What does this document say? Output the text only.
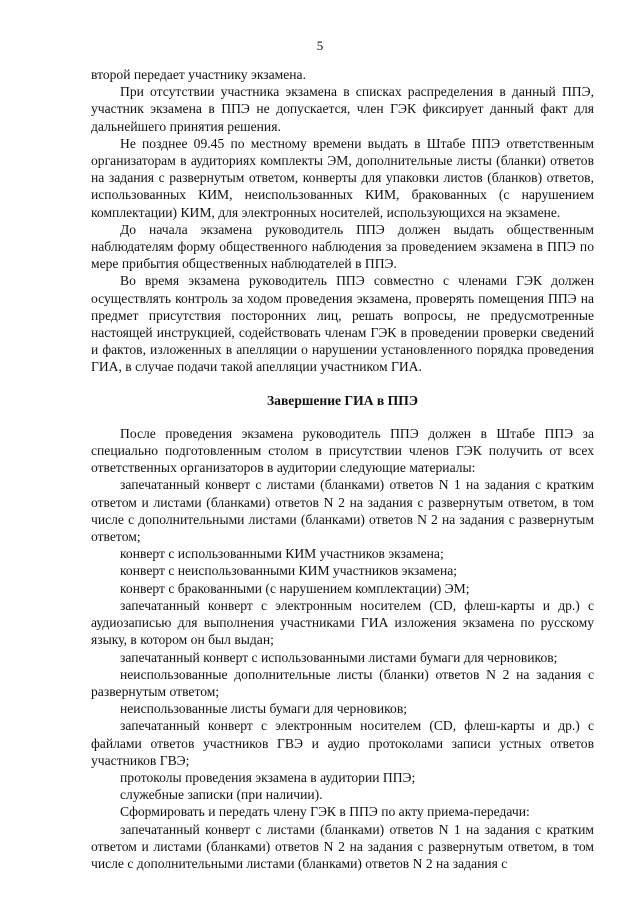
5

второй передает участнику экзамена.

При отсутствии участника экзамена в списках распределения в данный ППЭ, участник экзамена в ППЭ не допускается, член ГЭК фиксирует данный факт для дальнейшего принятия решения.

Не позднее 09.45 по местному времени выдать в Штабе ППЭ ответственным организаторам в аудиториях комплекты ЭМ, дополнительные листы (бланки) ответов на задания с развернутым ответом, конверты для упаковки листов (бланков) ответов, использованных КИМ, неиспользованных КИМ, бракованных (с нарушением комплектации) КИМ, для электронных носителей, использующихся на экзамене.

До начала экзамена руководитель ППЭ должен выдать общественным наблюдателям форму общественного наблюдения за проведением экзамена в ППЭ по мере прибытия общественных наблюдателей в ППЭ.

Во время экзамена руководитель ППЭ совместно с членами ГЭК должен осуществлять контроль за ходом проведения экзамена, проверять помещения ППЭ на предмет присутствия посторонних лиц, решать вопросы, не предусмотренные настоящей инструкцией, содействовать членам ГЭК в проведении проверки сведений и фактов, изложенных в апелляции о нарушении установленного порядка проведения ГИА, в случае подачи такой апелляции участником ГИА.

Завершение ГИА в ППЭ

После проведения экзамена руководитель ППЭ должен в Штабе ППЭ за специально подготовленным столом в присутствии членов ГЭК получить от всех ответственных организаторов в аудитории следующие материалы:

запечатанный конверт с листами (бланками) ответов N 1 на задания с кратким ответом и листами (бланками) ответов N 2 на задания с развернутым ответом, в том числе с дополнительными листами (бланками) ответов N 2 на задания с развернутым ответом;

конверт с использованными КИМ участников экзамена;

конверт с неиспользованными КИМ участников экзамена;

конверт с бракованными (с нарушением комплектации) ЭМ;

запечатанный конверт с электронным носителем (CD, флеш-карты и др.) с аудиозаписью для выполнения участниками ГИА изложения экзамена по русскому языку, в котором он был выдан;

запечатанный конверт с использованными листами бумаги для черновиков;

неиспользованные дополнительные листы (бланки) ответов N 2 на задания с развернутым ответом;

неиспользованные листы бумаги для черновиков;

запечатанный конверт с электронным носителем (CD, флеш-карты и др.) с файлами ответов участников ГВЭ и аудио протоколами записи устных ответов участников ГВЭ;

протоколы проведения экзамена в аудитории ППЭ;

служебные записки (при наличии).

Сформировать и передать члену ГЭК в ППЭ по акту приема-передачи:

запечатанный конверт с листами (бланками) ответов N 1 на задания с кратким ответом и листами (бланками) ответов N 2 на задания с развернутым ответом, в том числе с дополнительными листами (бланками) ответов N 2 на задания с
